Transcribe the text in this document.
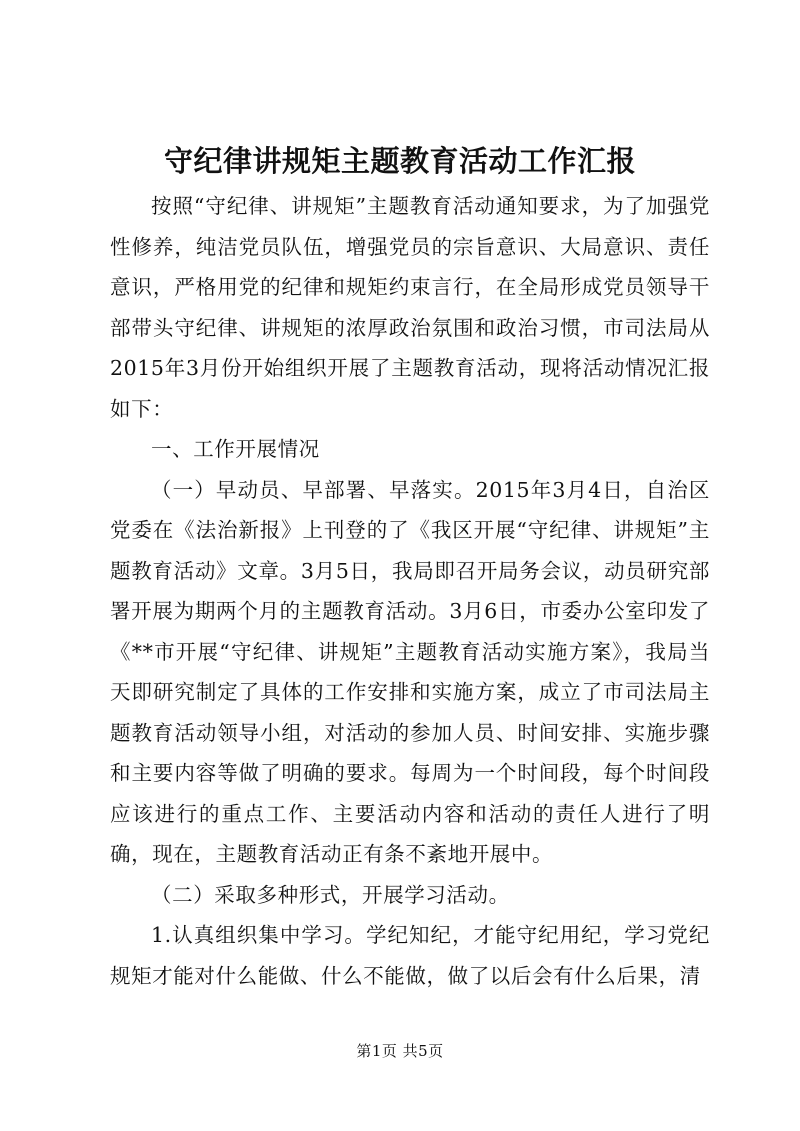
守纪律讲规矩主题教育活动工作汇报

按照“守纪律、讲规矩”主题教育活动通知要求，为了加强党性修养，纯洁党员队伍，增强党员的宗旨意识、大局意识、责任意识，严格用党的纪律和规矩约束言行，在全局形成党员领导干部带头守纪律、讲规矩的浓厚政治氛围和政治习惯，市司法局从2015年3月份开始组织开展了主题教育活动，现将活动情况汇报如下：

一、工作开展情况

（一）早动员、早部署、早落实。2015年3月4日，自治区党委在《法治新报》上刊登的了《我区开展“守纪律、讲规矩”主题教育活动》文章。3月5日，我局即召开局务会议，动员研究部署开展为期两个月的主题教育活动。3月6日，市委办公室印发了《**市开展“守纪律、讲规矩”主题教育活动实施方案》，我局当天即研究制定了具体的工作安排和实施方案，成立了市司法局主题教育活动领导小组，对活动的参加人员、时间安排、实施步骤和主要内容等做了明确的要求。每周为一个时间段，每个时间段应该进行的重点工作、主要活动内容和活动的责任人进行了明确，现在，主题教育活动正有条不紊地开展中。

（二）采取多种形式，开展学习活动。

1.认真组织集中学习。学纪知纪，才能守纪用纪，学习党纪规矩才能对什么能做、什么不能做，做了以后会有什么后果，清

第1页 共5页
